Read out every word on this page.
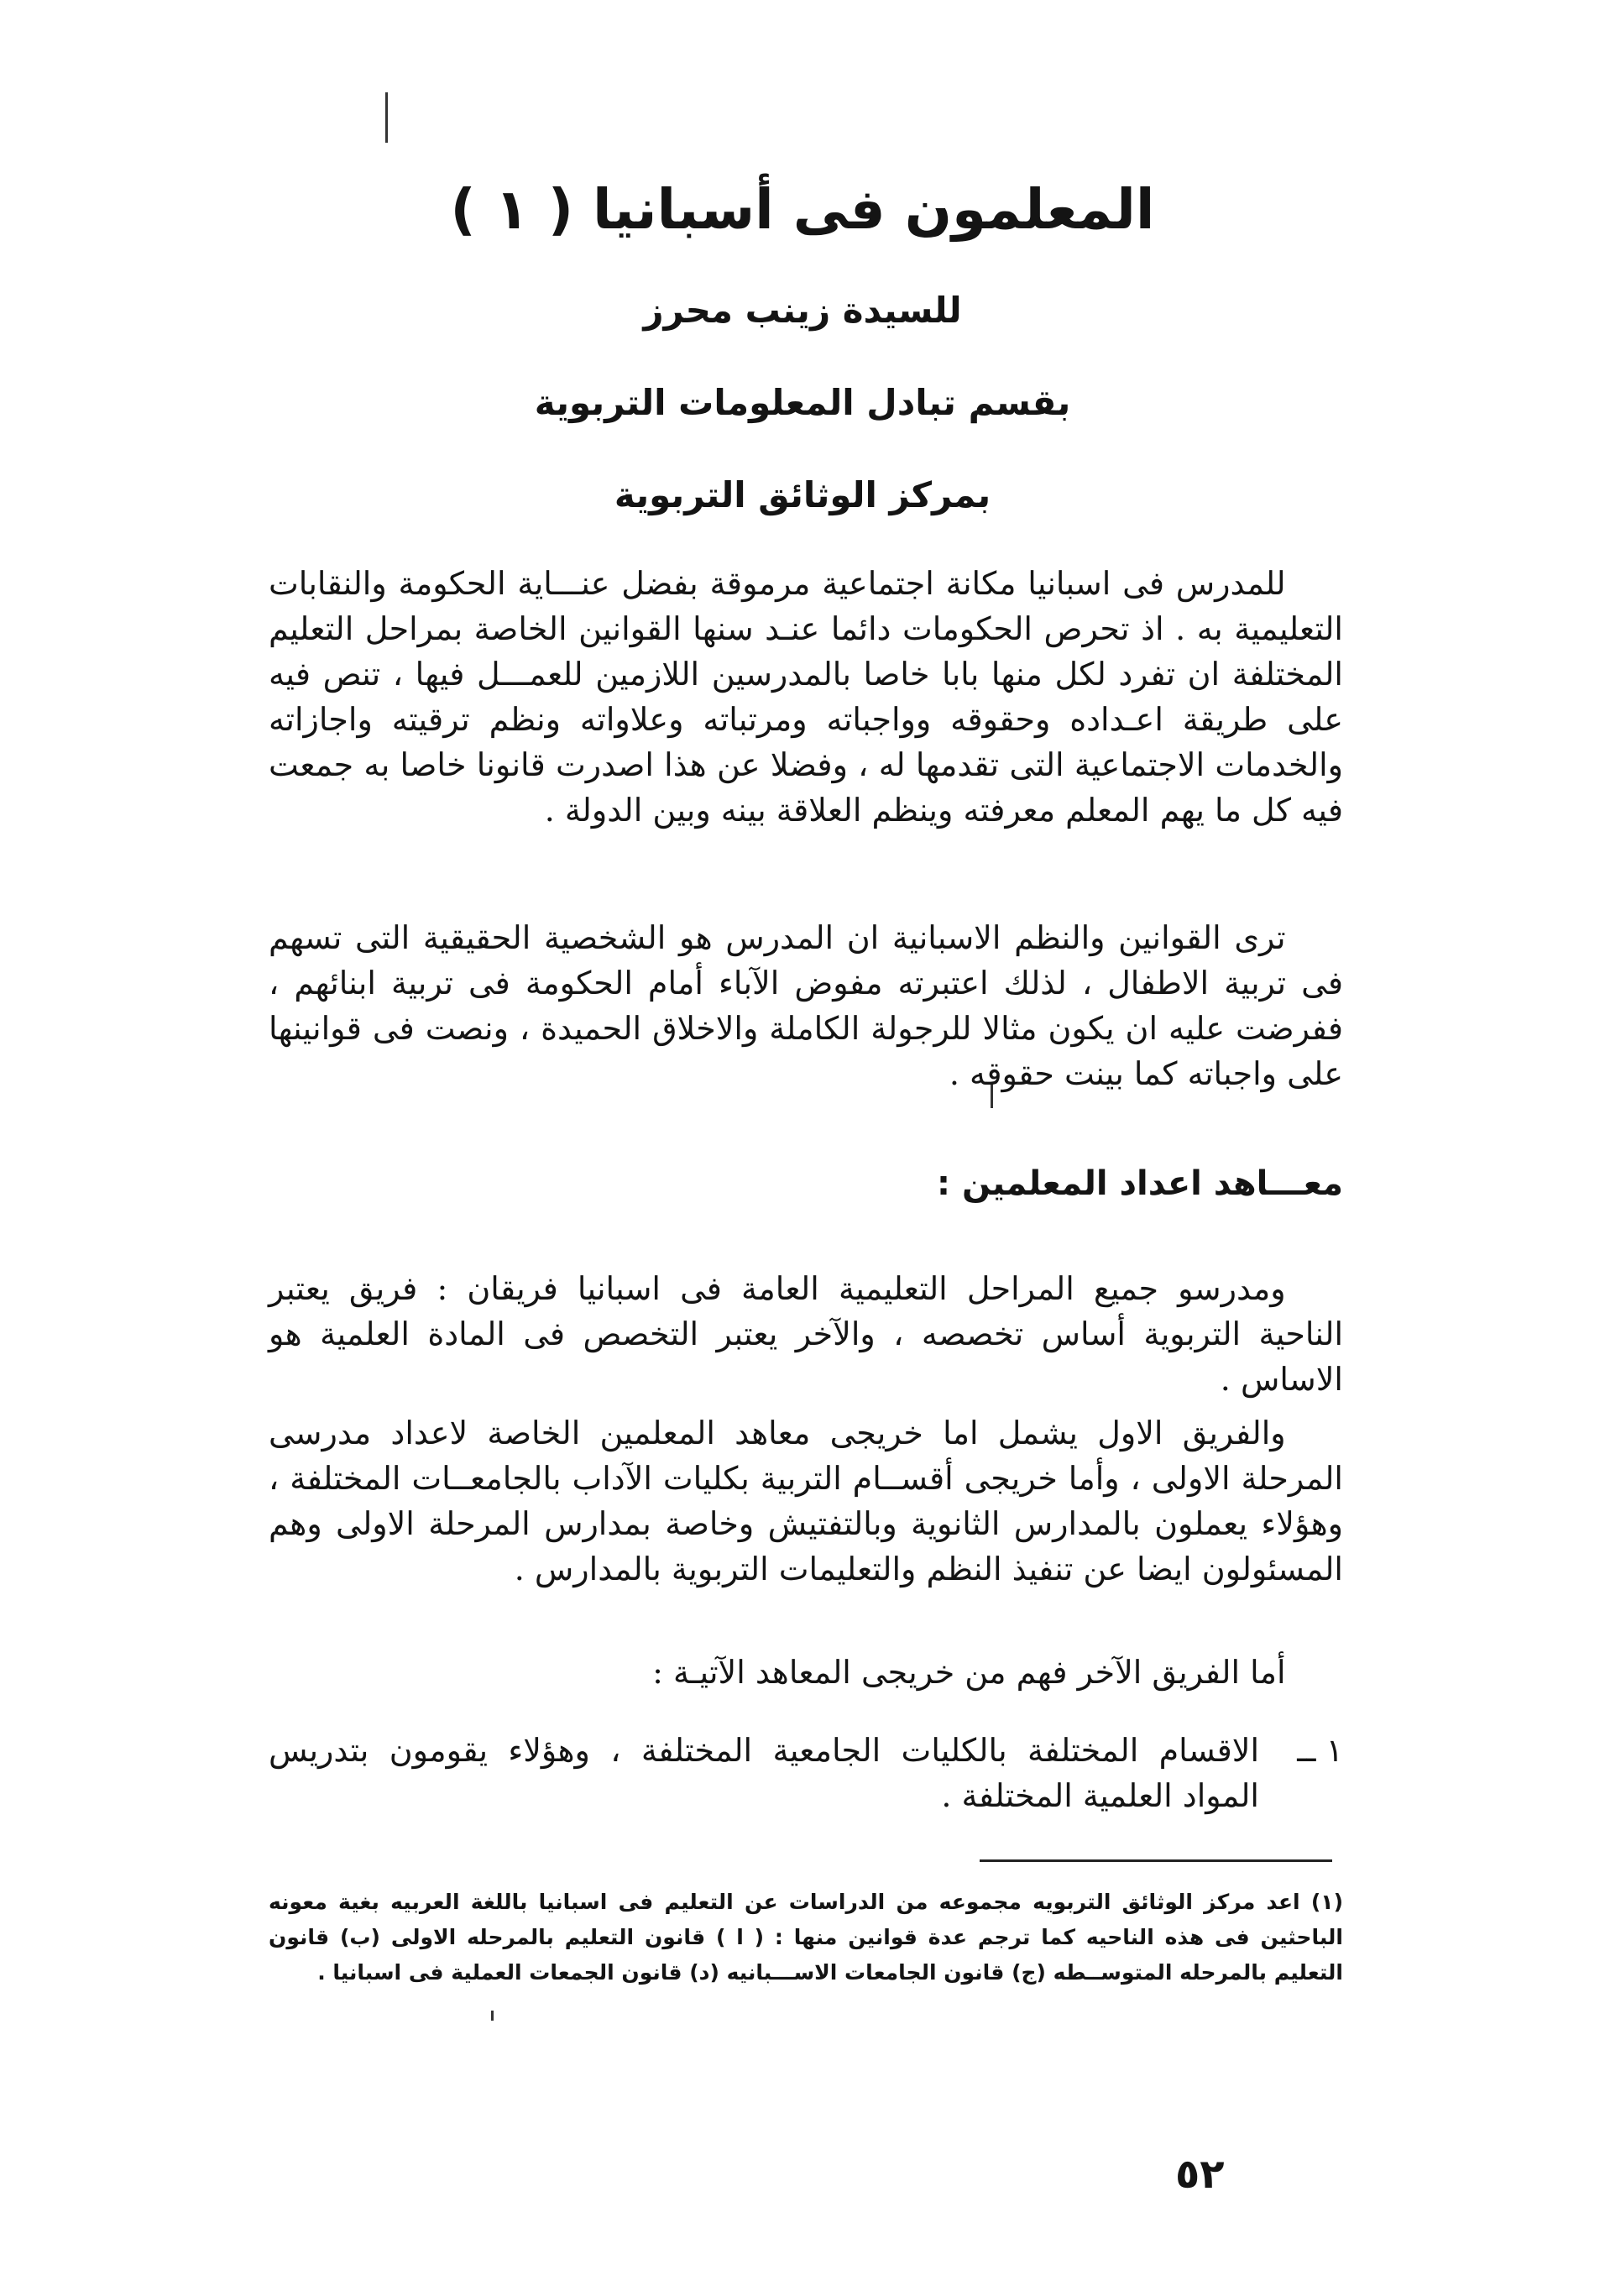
المعلمون فى أسبانيا ( ١ )
للسيدة زينب محرز
بقسم تبادل المعلومات التربوية
بمركز الوثائق التربوية

للمدرس فى اسبانيا مكانة اجتماعية مرموقة بفضل عنـــاية الحكومة والنقابات التعليمية به . اذ تحرص الحكومات دائما عنـد سنها القوانين الخاصة بمراحل التعليم المختلفة ان تفرد لكل منها بابا خاصا بالمدرسين اللازمين للعمـــل فيها ، تنص فيه على طريقة اعـداده وحقوقه وواجباته ومرتباته وعلاواته ونظم ترقيته واجازاته والخدمات الاجتماعية التى تقدمها له ، وفضلا عن هذا اصدرت قانونا خاصا به جمعت فيه كل ما يهم المعلم معرفته وينظم العلاقة بينه وبين الدولة .

ترى القوانين والنظم الاسبانية ان المدرس هو الشخصية الحقيقية التى تسهم فى تربية الاطفال ، لذلك اعتبرته مفوض الآباء أمام الحكومة فى تربية ابنائهم ، ففرضت عليه ان يكون مثالا للرجولة الكاملة والاخلاق الحميدة ، ونصت فى قوانينها على واجباته كما بينت حقوقه .

معـــاهد اعداد المعلمين :

ومدرسو جميع المراحل التعليمية العامة فى اسبانيا فريقان : فريق يعتبر الناحية التربوية أساس تخصصه ، والآخر يعتبر التخصص فى المادة العلمية هو الاساس .

والفريق الاول يشمل اما خريجى معاهد المعلمين الخاصة لاعداد مدرسى المرحلة الاولى ، وأما خريجى أقســام التربية بكليات الآداب بالجامعــات المختلفة ، وهؤلاء يعملون بالمدارس الثانوية وبالتفتيش وخاصة بمدارس المرحلة الاولى وهم المسئولون ايضا عن تنفيذ النظم والتعليمات التربوية بالمدارس .

أما الفريق الآخر فهم من خريجى المعاهد الآتيـة :

١ ــ
الاقسام المختلفة بالكليات الجامعية المختلفة ، وهؤلاء يقومون بتدريس المواد العلمية المختلفة .

(١) اعد مركز الوثائق التربويه مجموعه من الدراسات عن التعليم فى اسبانيا باللغة العربيه بغية معونه الباحثين فى هذه الناحيه كما ترجم عدة قوانين منها : ( ا ) قانون التعليم بالمرحله الاولى (ب) قانون التعليم بالمرحله المتوســطه (ج) قانون الجامعات الاســـبانيه (د) قانون الجمعات العملية فى اسبانيا .

٥٢
